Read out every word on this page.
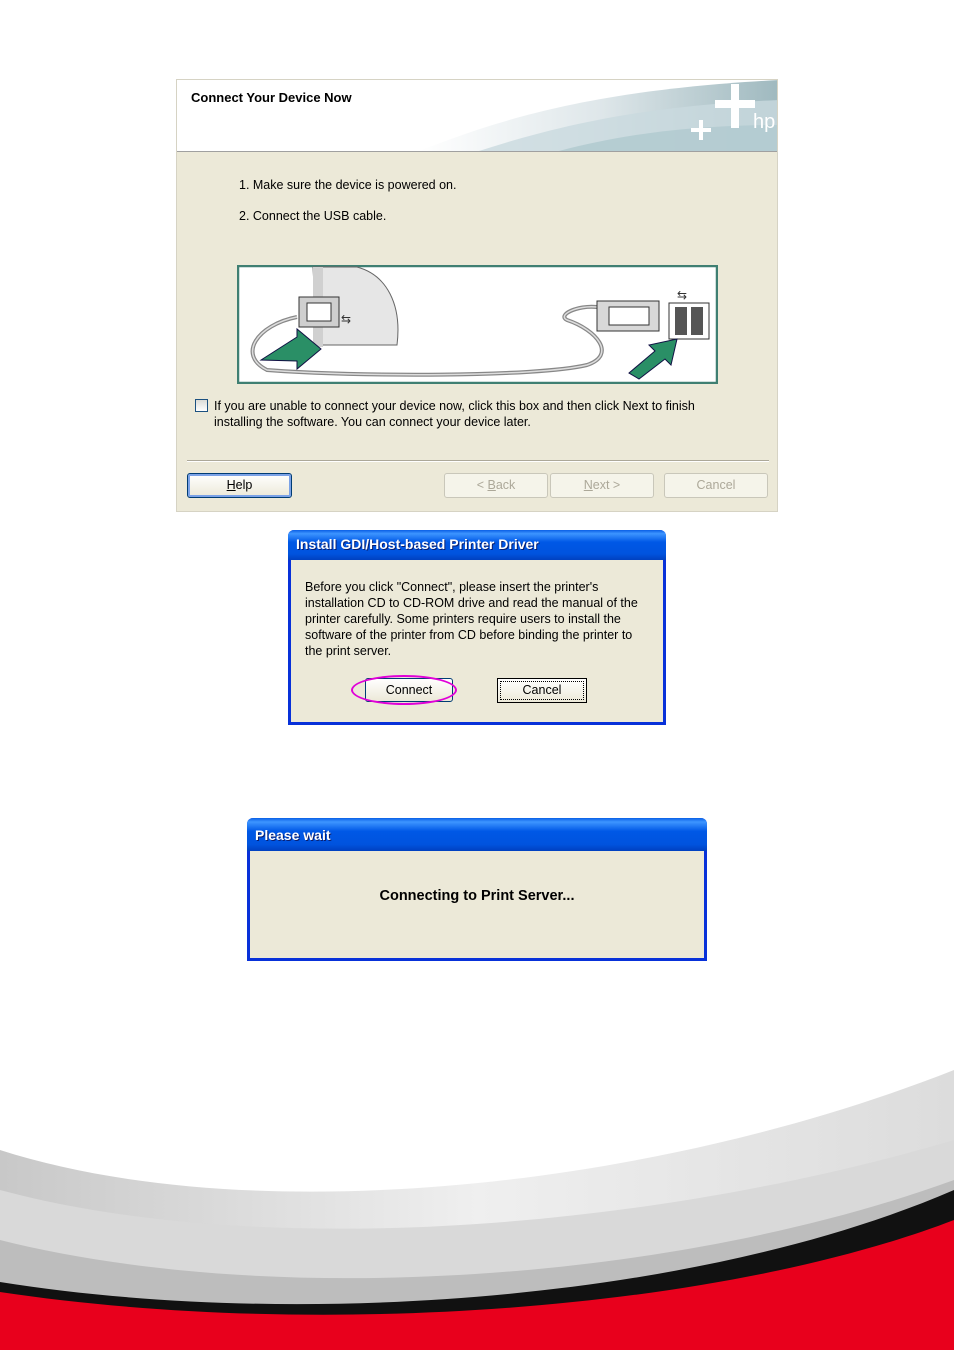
Connect Your Device Now
hp
1. Make sure the device is powered on.
2. Connect the USB cable.
⇆
⇆
If you are unable to connect your device now, click this box and then click Next to finish installing the software. You can connect your device later.
Help	< Back	Next >	Cancel
Install GDI/Host-based Printer Driver
Before you click "Connect", please insert the printer's installation CD to CD-ROM drive and read the manual of the printer carefully. Some printers require users to install the software of the printer from CD before binding the printer to the print server.
Connect	Cancel
Please wait
Connecting to Print Server...
